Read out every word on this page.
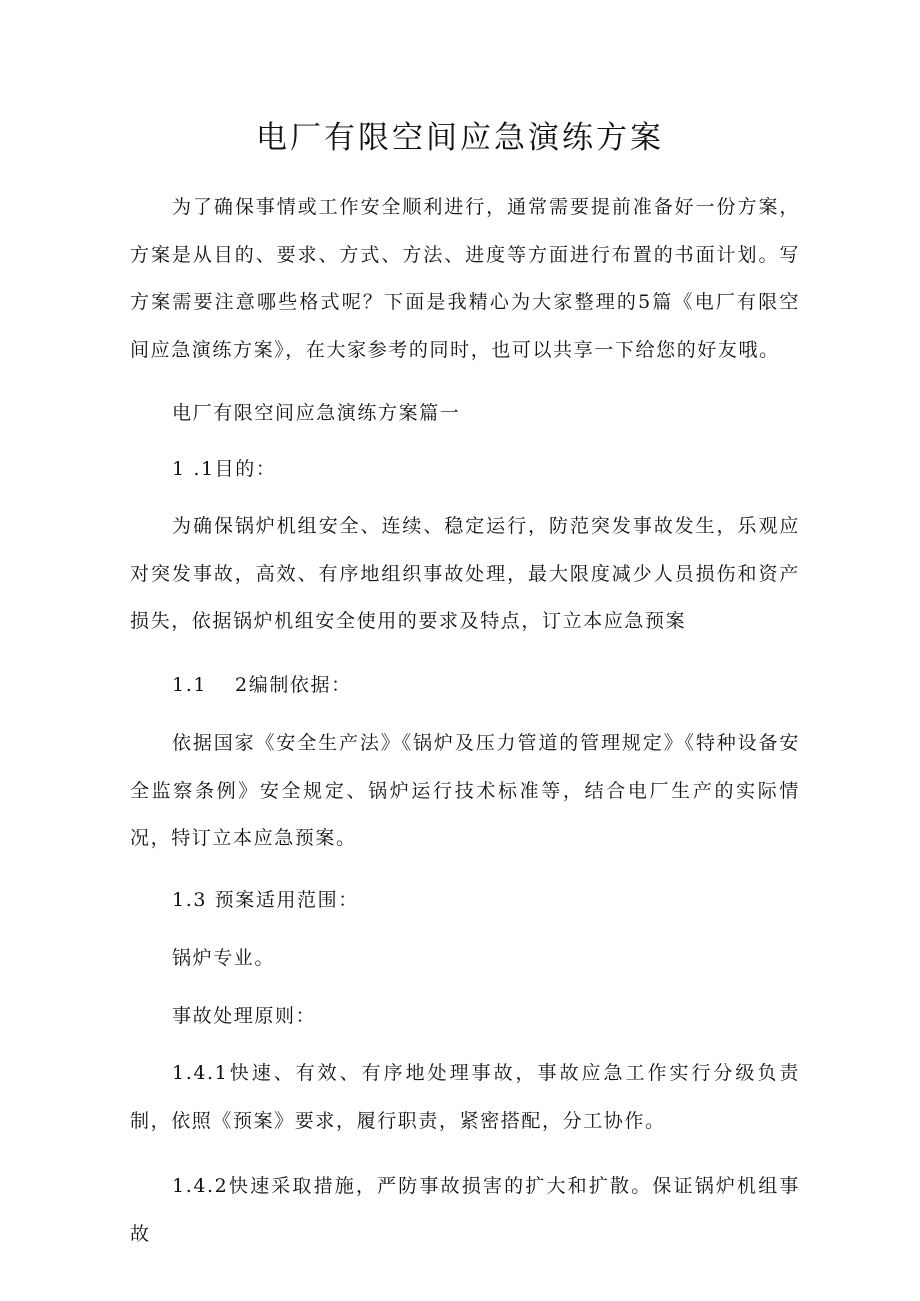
电厂有限空间应急演练方案

为了确保事情或工作安全顺利进行，通常需要提前准备好一份方案，方案是从目的、要求、方式、方法、进度等方面进行布置的书面计划。写方案需要注意哪些格式呢？下面是我精心为大家整理的5篇《电厂有限空间应急演练方案》，在大家参考的同时，也可以共享一下给您的好友哦。

电厂有限空间应急演练方案篇一

1 .1目的：

为确保锅炉机组安全、连续、稳定运行，防范突发事故发生，乐观应对突发事故，高效、有序地组织事故处理，最大限度减少人员损伤和资产损失，依据锅炉机组安全使用的要求及特点，订立本应急预案

1.1 2编制依据：

依据国家《安全生产法》《锅炉及压力管道的管理规定》《特种设备安全监察条例》安全规定、锅炉运行技术标准等，结合电厂生产的实际情况，特订立本应急预案。

1.3 预案适用范围：

锅炉专业。

事故处理原则：

1.4.1快速、有效、有序地处理事故，事故应急工作实行分级负责制，依照《预案》要求，履行职责，紧密搭配，分工协作。

1.4.2快速采取措施，严防事故损害的扩大和扩散。保证锅炉机组事故
